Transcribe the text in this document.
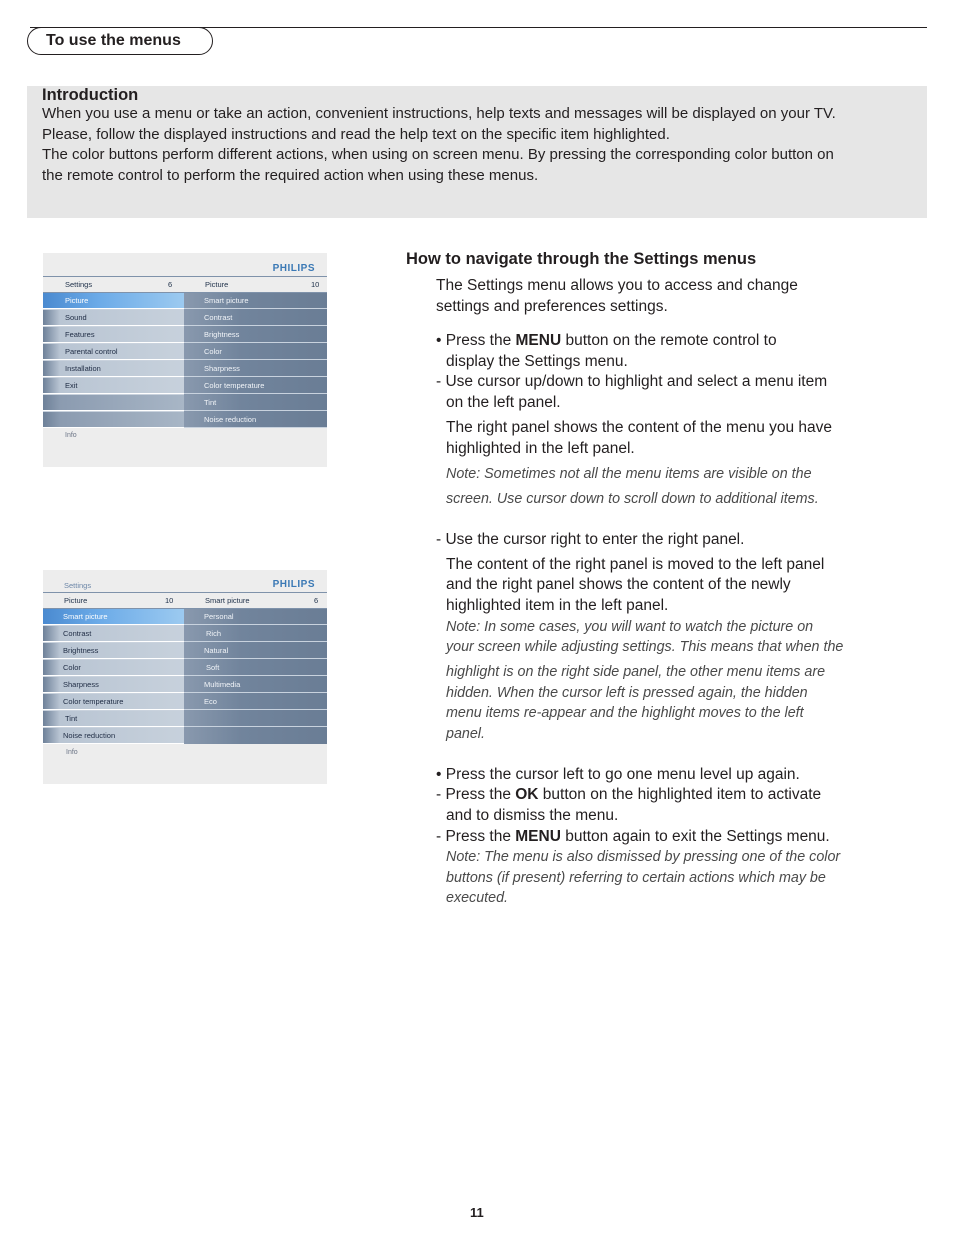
To use the menus
Introduction

When you use a menu or take an action, convenient instructions, help texts and messages will be displayed on your TV.

Please, follow the displayed instructions and read the help text on the specific item highlighted.

The color buttons perform different actions, when using on screen menu. By pressing the corresponding color button on

the remote control to perform the required action when using these menus.

PHILIPS
Settings	6	Picture	10
Picture
Sound
Features
Parental control
Installation
Exit
Smart picture
Contrast
Brightness
Color
Sharpness
Color temperature
Tint
Noise reduction
Info
PHILIPS
Settings
Picture	10	Smart picture	6
Smart picture
Contrast
Brightness
Color
Sharpness
Color temperature
Tint
Noise reduction
Personal
Rich
Natural
Soft
Multimedia
Eco
Info
How to navigate through the Settings menus
The Settings menu allows you to access and change
settings and preferences settings.
• Press the MENU button on the remote control to
display the Settings menu.
- Use cursor up/down to highlight and select a menu item
on the left panel.
The right panel shows the content of the menu you have
highlighted in the left panel.
Note: Sometimes not all the menu items are visible on the
screen. Use cursor down to scroll down to additional items.
- Use the cursor right to enter the right panel.
The content of the right panel is moved to the left panel
and the right panel shows the content of the newly
highlighted item in the left panel.
Note: In some cases, you will want to watch the picture on
your screen while adjusting settings. This means that when the
highlight is on the right side panel, the other menu items are
hidden. When the cursor left is pressed again, the hidden
menu items re-appear and the highlight moves to the left
panel.
• Press the cursor left to go one menu level up again.
- Press the OK button on the highlighted item to activate
and to dismiss the menu.
- Press the MENU button again to exit the Settings menu.
Note: The menu is also dismissed by pressing one of the color
buttons (if present) referring to certain actions which may be
executed.
11
